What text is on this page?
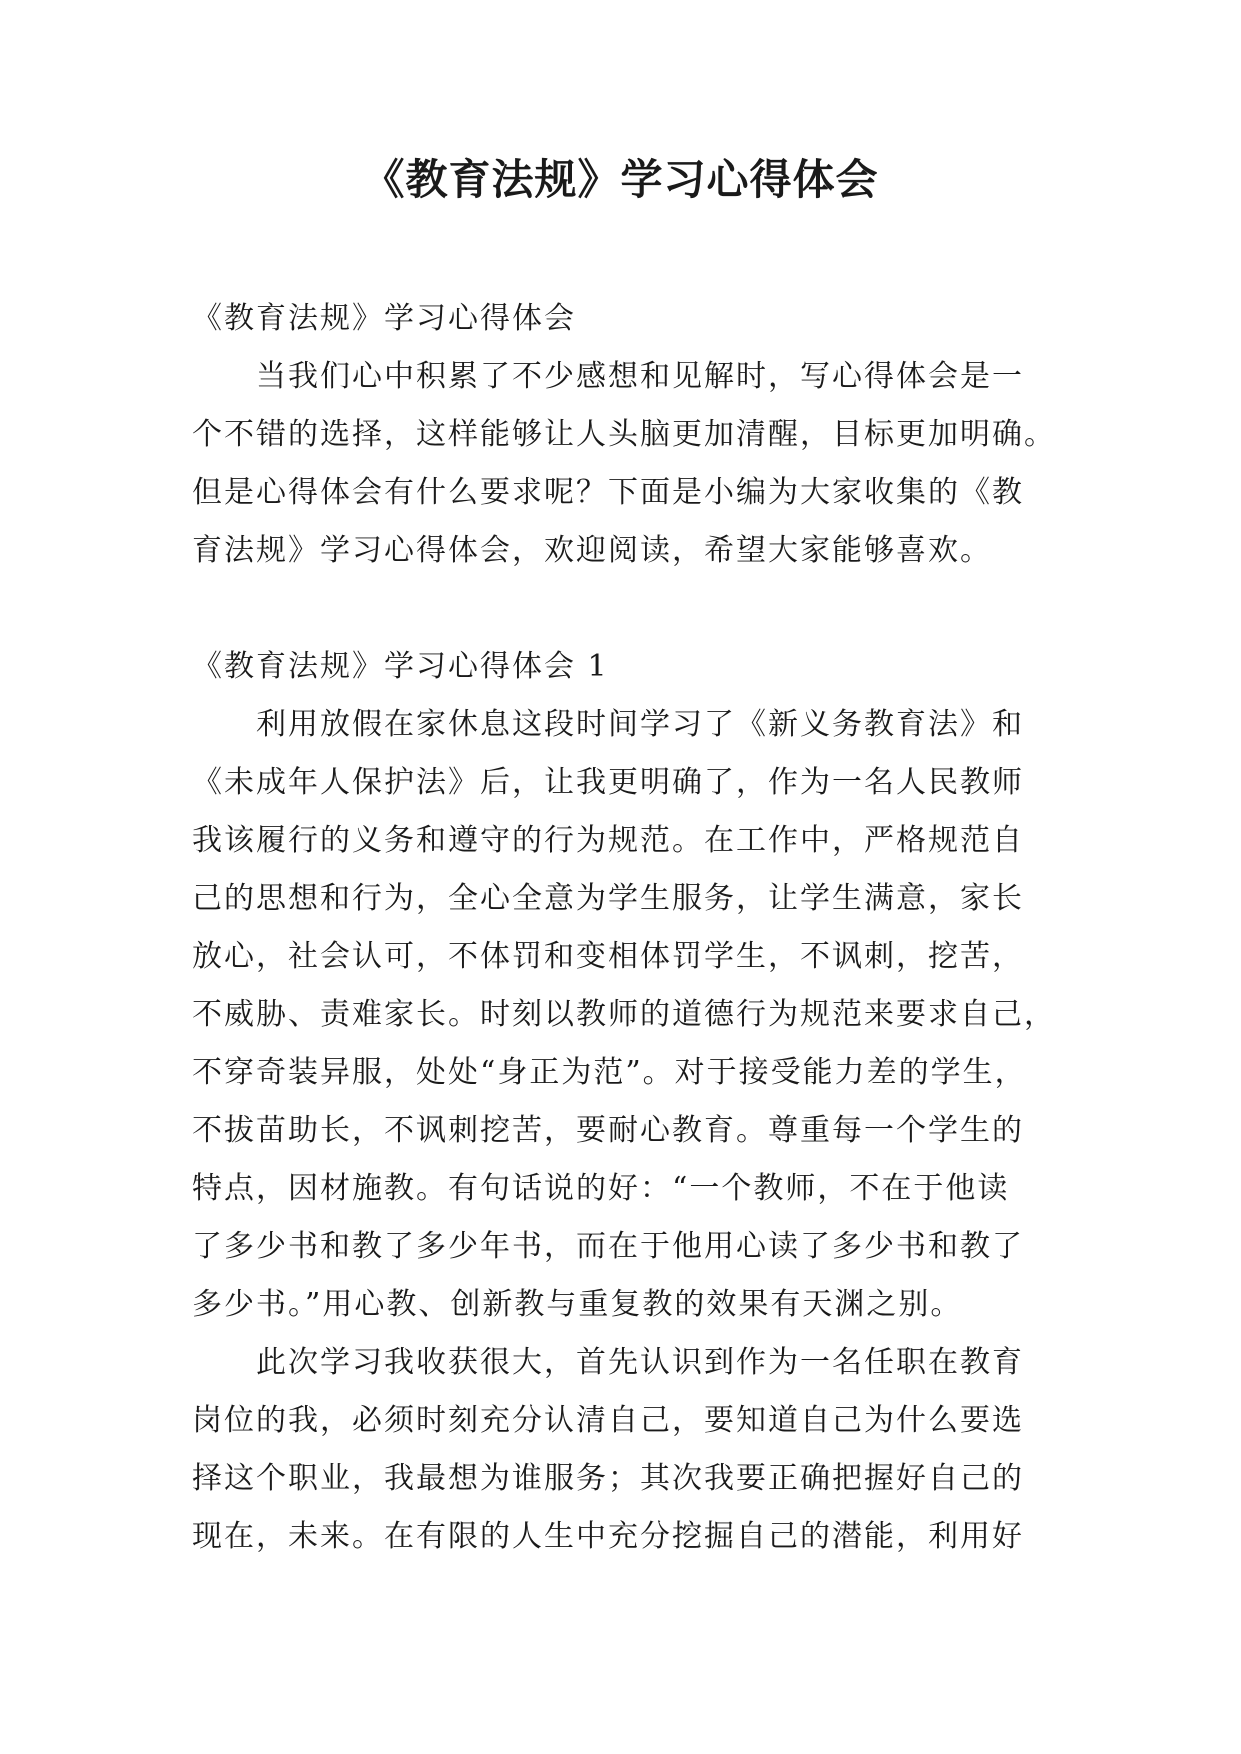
《教育法规》学习心得体会

《教育法规》学习心得体会

当我们心中积累了不少感想和见解时，写心得体会是一

个不错的选择，这样能够让人头脑更加清醒，目标更加明确。

但是心得体会有什么要求呢？下面是小编为大家收集的《教

育法规》学习心得体会，欢迎阅读，希望大家能够喜欢。

《教育法规》学习心得体会 1

利用放假在家休息这段时间学习了《新义务教育法》和

《未成年人保护法》后，让我更明确了，作为一名人民教师

我该履行的义务和遵守的行为规范。在工作中，严格规范自

己的思想和行为，全心全意为学生服务，让学生满意，家长

放心，社会认可，不体罚和变相体罚学生，不讽刺，挖苦，

不威胁、责难家长。时刻以教师的道德行为规范来要求自己，

不穿奇装异服，处处“身正为范”。对于接受能力差的学生，

不拔苗助长，不讽刺挖苦，要耐心教育。尊重每一个学生的

特点，因材施教。有句话说的好：“一个教师，不在于他读

了多少书和教了多少年书，而在于他用心读了多少书和教了

多少书。”用心教、创新教与重复教的效果有天渊之别。

此次学习我收获很大，首先认识到作为一名任职在教育

岗位的我，必须时刻充分认清自己，要知道自己为什么要选

择这个职业，我最想为谁服务；其次我要正确把握好自己的

现在，未来。在有限的人生中充分挖掘自己的潜能，利用好
